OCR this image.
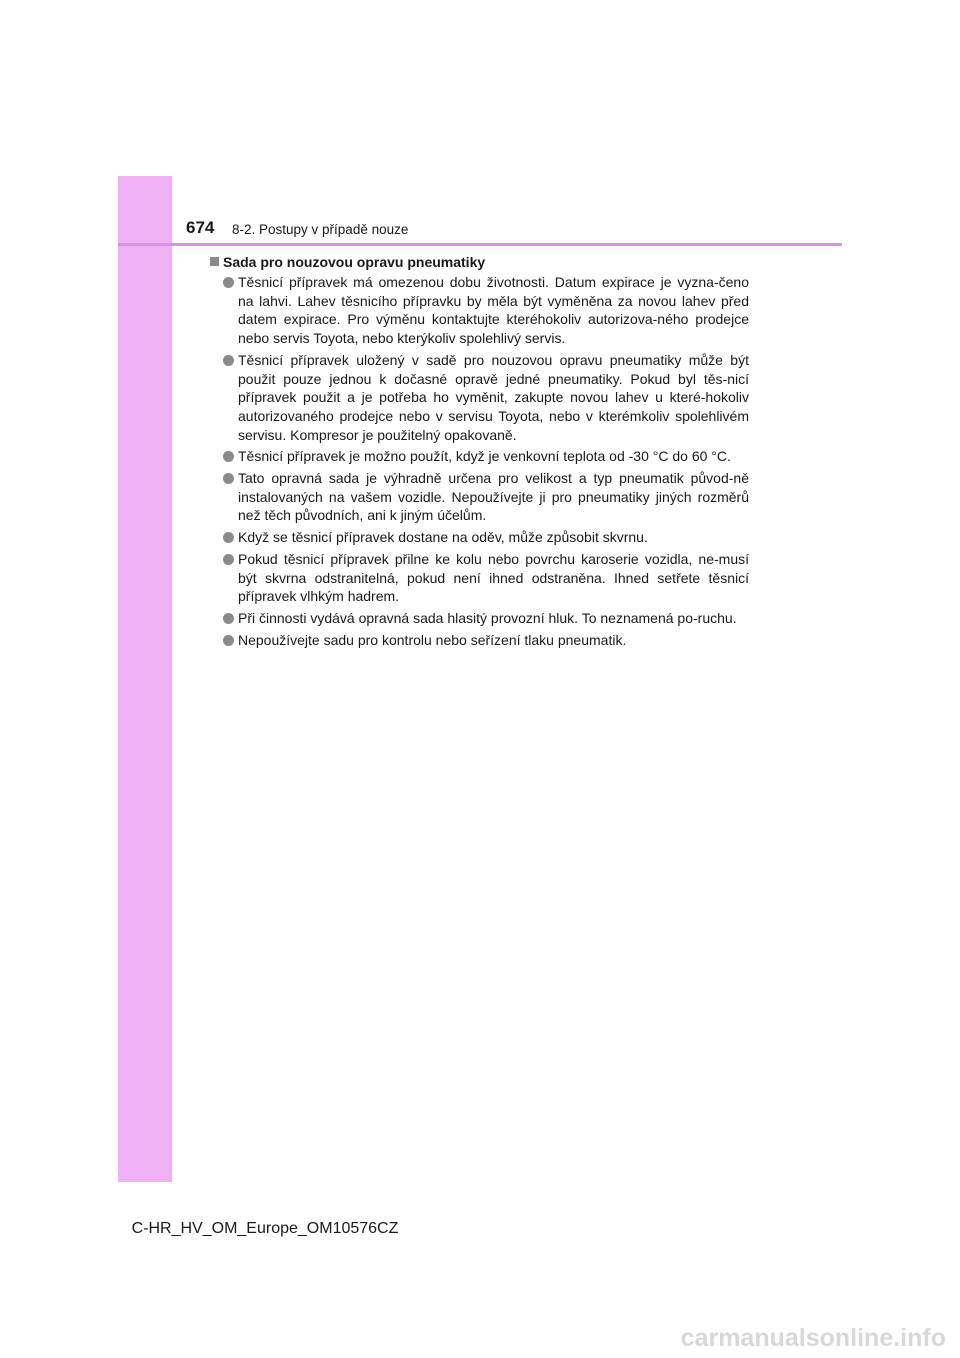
674 8-2. Postupy v případě nouze
Sada pro nouzovou opravu pneumatiky
Těsnicí přípravek má omezenou dobu životnosti. Datum expirace je vyzna-čeno na lahvi. Lahev těsnicího přípravku by měla být vyměněna za novou lahev před datem expirace. Pro výměnu kontaktujte kteréhokoliv autorizova-ného prodejce nebo servis Toyota, nebo kterýkoliv spolehlivý servis.
Těsnicí přípravek uložený v sadě pro nouzovou opravu pneumatiky může být použit pouze jednou k dočasné opravě jedné pneumatiky. Pokud byl těs-nicí přípravek použit a je potřeba ho vyměnit, zakupte novou lahev u které-hokoliv autorizovaného prodejce nebo v servisu Toyota, nebo v kterémkoliv spolehlivém servisu. Kompresor je použitelný opakovaně.
Těsnicí přípravek je možno použít, když je venkovní teplota od -30 °C do 60 °C.
Tato opravná sada je výhradně určena pro velikost a typ pneumatik původ-ně instalovaných na vašem vozidle. Nepoužívejte ji pro pneumatiky jiných rozměrů než těch původních, ani k jiným účelům.
Když se těsnicí přípravek dostane na oděv, může způsobit skvrnu.
Pokud těsnicí přípravek přilne ke kolu nebo povrchu karoserie vozidla, ne-musí být skvrna odstranitelná, pokud není ihned odstraněna. Ihned setřete těsnicí přípravek vlhkým hadrem.
Při činnosti vydává opravná sada hlasitý provozní hluk. To neznamená po-ruchu.
Nepoužívejte sadu pro kontrolu nebo seřízení tlaku pneumatik.
C-HR_HV_OM_Europe_OM10576CZ
carmanualsonline.info
